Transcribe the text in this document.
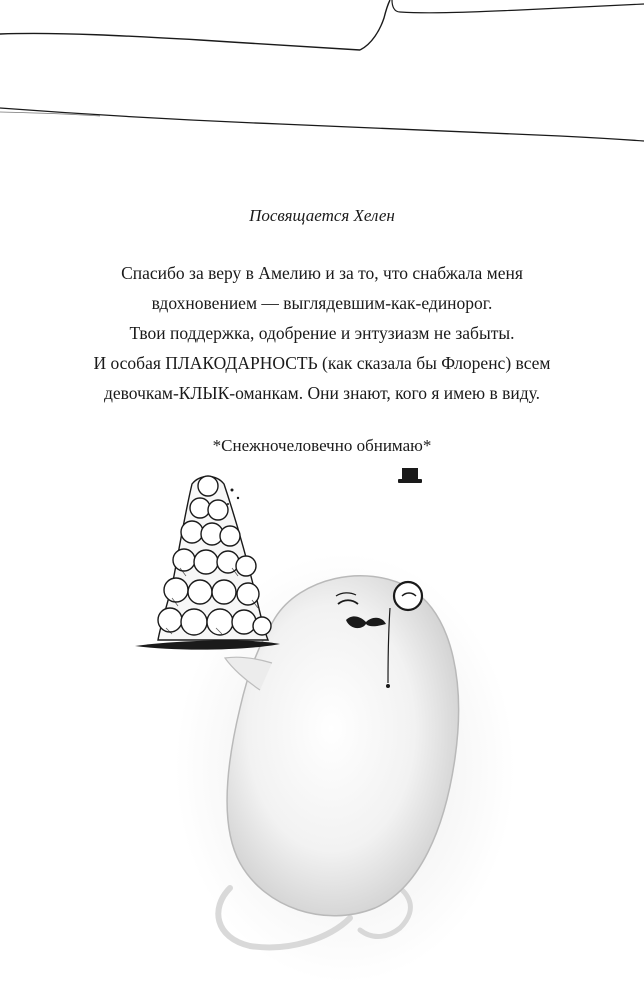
Посвящается Хелен
Спасибо за веру в Амелию и за то, что снабжала меня
вдохновением — выглядевшим-как-единорог.
Твои поддержка, одобрение и энтузиазм не забыты.
И особая ПЛАКОДАРНОСТЬ (как сказала бы Флоренс) всем
девочкам-КЛЫК-оманкам. Они знают, кого я имею в виду.
*Снежночеловечно обнимаю*
